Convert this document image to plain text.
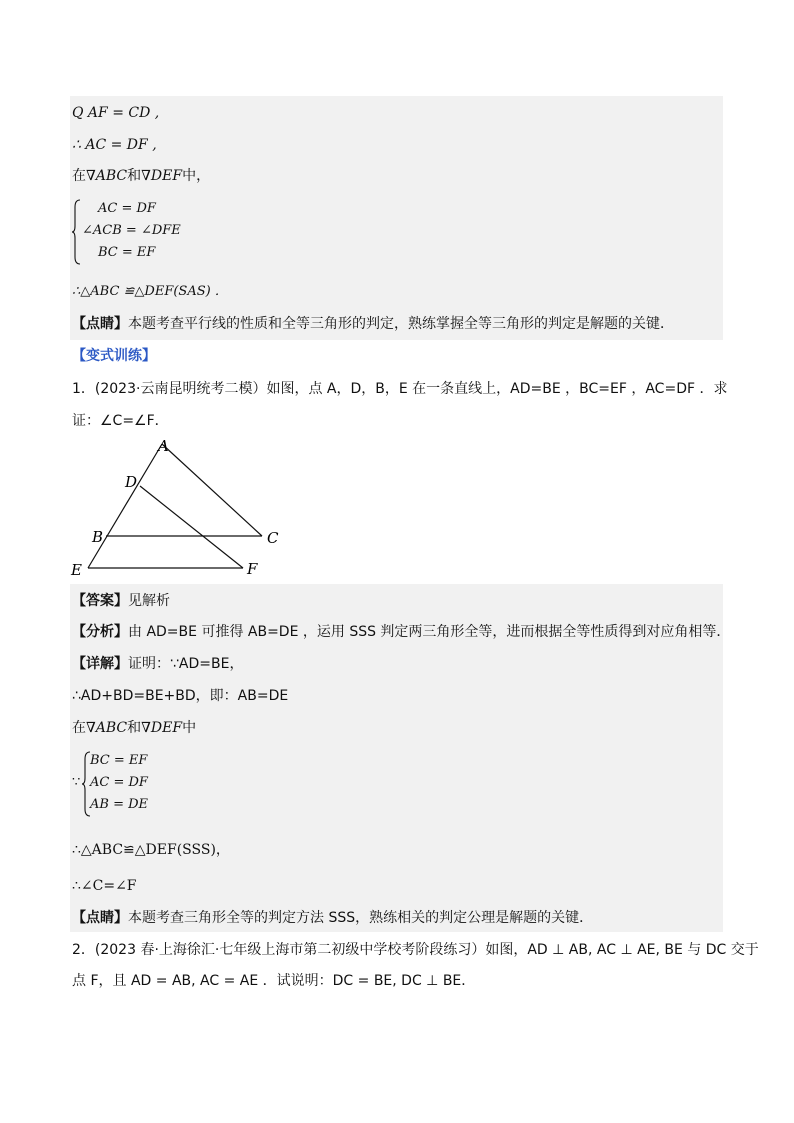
Q AF = CD ,
∴ AC = DF ,
在∇ABC和∇DEF中，
AC = DF
∠ACB = ∠DFE
BC = EF
∴△ABC ≌△DEF(SAS) ．
【点睛】本题考查平行线的性质和全等三角形的判定，熟练掌握全等三角形的判定是解题的关键．
【变式训练】
1．(2023·云南昆明统考二模）如图，点 A，D，B，E 在一条直线上，AD=BE ，BC=EF ，AC=DF ．求
证：∠C=∠F．
A
D
B	C
E	F
【答案】见解析
【分析】由 AD=BE 可推得 AB=DE ，运用 SSS 判定两三角形全等，进而根据全等性质得到对应角相等．
【详解】证明：∵AD=BE，
∴AD+BD=BE+BD，即：AB=DE
在∇ABC和∇DEF中
∵
BC = EF
AC = DF
AB = DE
∴△ABC≌△DEF(SSS)，
∴∠C=∠F
【点睛】本题考查三角形全等的判定方法 SSS，熟练相关的判定公理是解题的关键．
2．(2023 春·上海徐汇·七年级上海市第二初级中学校考阶段练习）如图，AD ⊥ AB, AC ⊥ AE, BE 与 DC 交于
点 F，且 AD = AB, AC = AE ．试说明：DC = BE, DC ⊥ BE．
